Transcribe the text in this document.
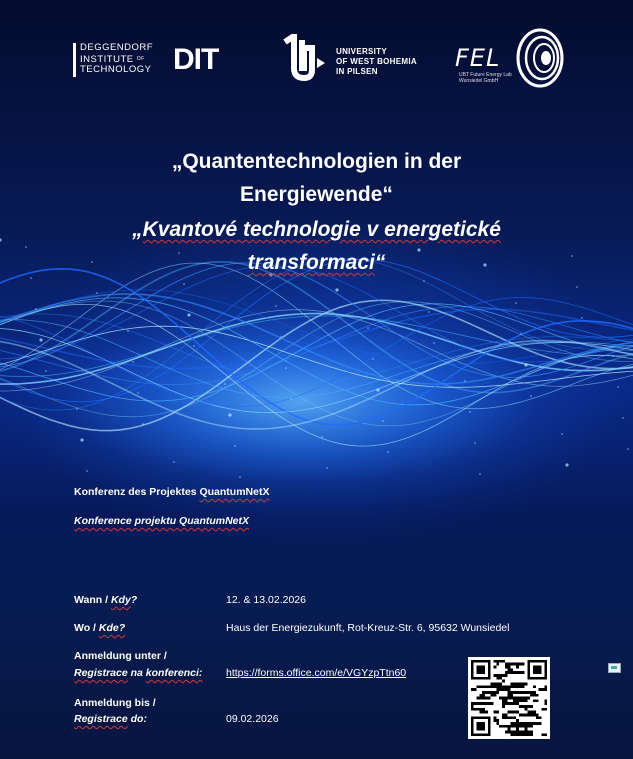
DEGGENDORF
INSTITUTE OF
TECHNOLOGY DIT	UNIVERSITY
OF WEST BOHEMIA
IN PILSEN	FEL
UBT Future Energy Lab
Wunsiedel GmbH
„Quantentechnologien in der
Energiewende“
„Kvantové technologie v energetické
transformaci“
Konferenz des Projektes QuantumNetX
Konference projektu QuantumNetX
Wann / Kdy?	12. & 13.02.2026
Wo / Kde?	Haus der Energiezukunft, Rot-Kreuz-Str. 6, 95632 Wunsiedel
Anmeldung unter /
Registrace na konferenci: https://forms.office.com/e/VGYzpTtn60
Anmeldung bis /
Registrace do:	09.02.2026
